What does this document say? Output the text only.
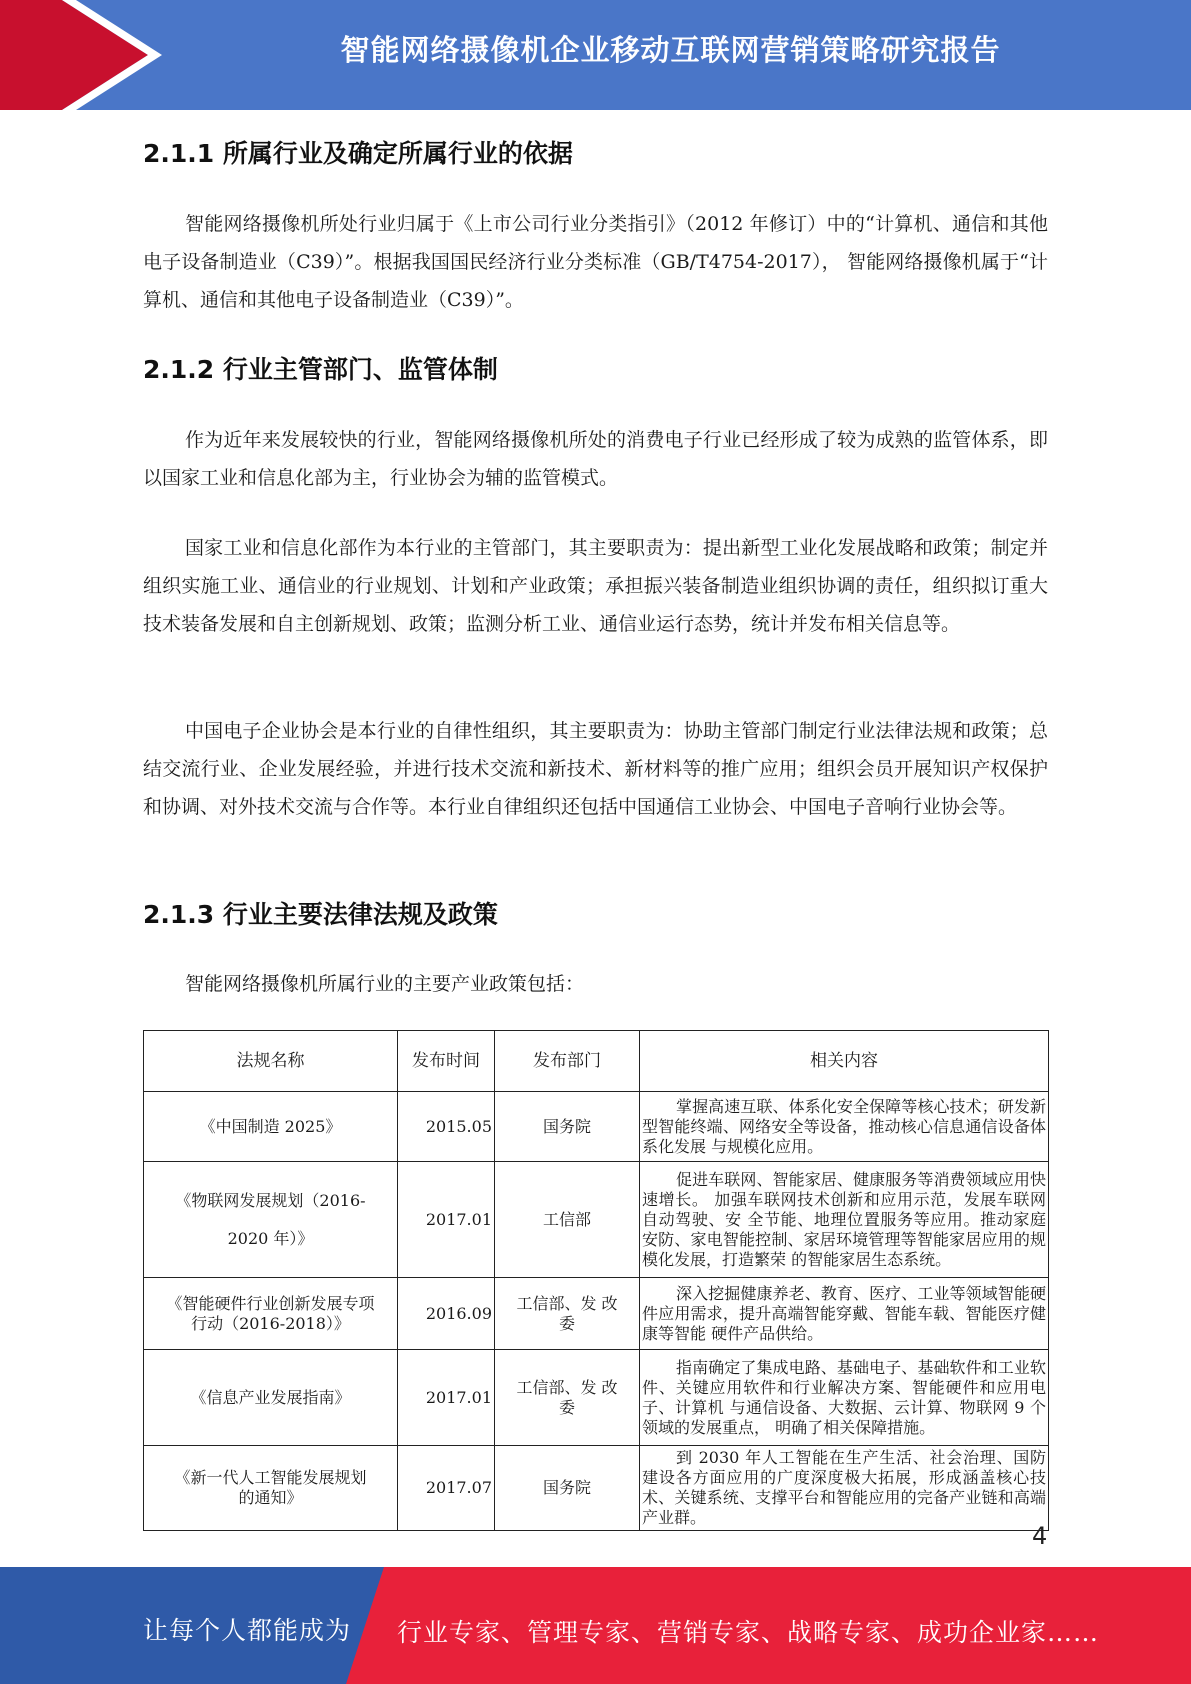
智能网络摄像机企业移动互联网营销策略研究报告
2.1.1 所属行业及确定所属行业的依据

智能网络摄像机所处行业归属于《上市公司行业分类指引》（2012 年修订）中的“计算机、通信和其他电子设备制造业（C39）”。根据我国国民经济行业分类标准（GB/T4754-2017）， 智能网络摄像机属于“计算机、通信和其他电子设备制造业（C39）”。

2.1.2 行业主管部门、监管体制

作为近年来发展较快的行业，智能网络摄像机所处的消费电子行业已经形成了较为成熟的监管体系，即以国家工业和信息化部为主，行业协会为辅的监管模式。

国家工业和信息化部作为本行业的主管部门，其主要职责为：提出新型工业化发展战略和政策；制定并组织实施工业、通信业的行业规划、计划和产业政策；承担振兴装备制造业组织协调的责任，组织拟订重大技术装备发展和自主创新规划、政策；监测分析工业、通信业运行态势，统计并发布相关信息等。

中国电子企业协会是本行业的自律性组织，其主要职责为：协助主管部门制定行业法律法规和政策；总结交流行业、企业发展经验，并进行技术交流和新技术、新材料等的推广应用；组织会员开展知识产权保护和协调、对外技术交流与合作等。本行业自律组织还包括中国通信工业协会、中国电子音响行业协会等。

2.1.3 行业主要法律法规及政策

智能网络摄像机所属行业的主要产业政策包括：

法规名称	发布时间	发布部门	相关内容
《中国制造 2025》	2015.05	国务院	掌握高速互联、体系化安全保障等核心技术；研发新型智能终端、网络安全等设备，推动核心信息通信设备体系化发展 与规模化应用。
《物联网发展规划（2016-2020 年）》	2017.01	工信部	促进车联网、智能家居、健康服务等消费领域应用快速增长。 加强车联网技术创新和应用示范，发展车联网自动驾驶、安 全节能、地理位置服务等应用。推动家庭安防、家电智能控制、家居环境管理等智能家居应用的规模化发展，打造繁荣 的智能家居生态系统。
《智能硬件行业创新发展专项行动（2016-2018）》	2016.09	工信部、发 改委	深入挖掘健康养老、教育、医疗、工业等领域智能硬件应用需求，提升高端智能穿戴、智能车载、智能医疗健康等智能 硬件产品供给。
《信息产业发展指南》	2017.01	工信部、发 改委	指南确定了集成电路、基础电子、基础软件和工业软件、关键应用软件和行业解决方案、智能硬件和应用电子、计算机 与通信设备、大数据、云计算、物联网 9 个领域的发展重点， 明确了相关保障措施。
《新一代人工智能发展规划的通知》	2017.07	国务院	到 2030 年人工智能在生产生活、社会治理、国防建设各方面应用的广度深度极大拓展，形成涵盖核心技术、关键系统、支撑平台和智能应用的完备产业链和高端产业群。
4
让每个人都能成为 行业专家、管理专家、营销专家、战略专家、成功企业家……
